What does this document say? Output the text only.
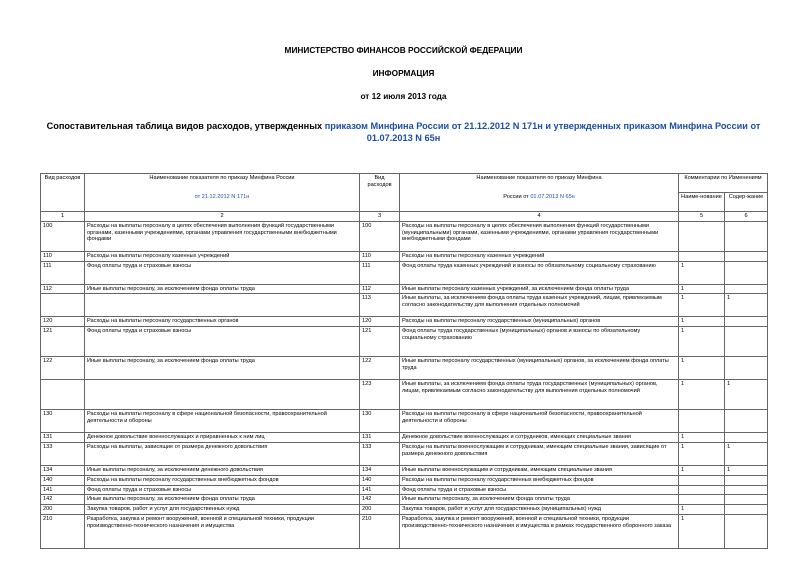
МИНИСТЕРСТВО ФИНАНСОВ РОССИЙСКОЙ ФЕДЕРАЦИИ
ИНФОРМАЦИЯ
от 12 июля 2013 года
Сопоставительная таблица видов расходов, утвержденных приказом Минфина России от 21.12.2012 N 171н и утвержденных приказом Минфина России от 01.07.2013 N 65н
Вид расходов	Наименование показателя по приказу Минфина России
от 21.12.2012 N 171н	Вид расходов	Наименование показателя по приказу Минфина
России от 01.07.2013 N 65н	Комментарии по Изменениям	
				Наиме-нование	Содер-жание
1	2	3	4	5	6
100	Расходы на выплаты персоналу в целях обеспечения выполнения функций государственными органами, казенными учреждениями, органами управления государственными внебюджетными фондами	100	Расходы на выплаты персоналу в целях обеспечения выполнения функций государственными (муниципальными) органами, казенными учреждениями, органами управления государственными внебюджетными фондами		
110	Расходы на выплаты персоналу казенных учреждений	110	Расходы на выплаты персоналу казенных учреждений		
111	Фонд оплаты труда и страховые взносы	111	Фонд оплаты труда казенных учреждений и взносы по обязательному социальному страхованию	1	
112	Иные выплаты персоналу, за исключением фонда оплаты труда	112	Иные выплаты персоналу казенных учреждений, за исключением фонда оплаты труда	1	
		113	Иные выплаты, за исключением фонда оплаты труда казенных учреждений, лицам, привлекаемым согласно законодательству для выполнения отдельных полномочий	1	1
120	Расходы на выплаты персоналу государственных органов	120	Расходы на выплаты персоналу государственных (муниципальных) органов	1	
121	Фонд оплаты труда и страховые взносы	121	Фонд оплаты труда государственных (муниципальных) органов и взносы по обязательному социальному страхованию	1	
122	Иные выплаты персоналу, за исключением фонда оплаты труда	122	Иные выплаты персоналу государственных (муниципальных) органов, за исключением фонда оплаты труда	1	
		123	Иные выплаты, за исключением фонда оплаты труда государственных (муниципальных) органов, лицам, привлекаемым согласно законодательству для выполнения отдельных полномочий	1	1
130	Расходы на выплаты персоналу в сфере национальной безопасности, правоохранительной деятельности и обороны	130	Расходы на выплаты персоналу в сфере национальной безопасности, правоохранительной деятельности и обороны		
131	Денежное довольствие военнослужащих и приравненных к ним лиц	131	Денежное довольствие военнослужащих и сотрудников, имеющих специальные звания	1	
133	Расходы на выплаты, зависящие от размера денежного довольствия	133	Расходы на выплаты военнослужащим и сотрудникам, имеющим специальные звания, зависящие от размера денежного довольствия	1	1
134	Иные выплаты персоналу, за исключением денежного довольствия	134	Иные выплаты военнослужащим и сотрудникам, имеющим специальные звания	1	1
140	Расходы на выплаты персоналу государственных внебюджетных фондов	140	Расходы на выплаты персоналу государственных внебюджетных фондов		
141	Фонд оплаты труда и страховые взносы	141	Фонд оплаты труда и страховые взносы		
142	Иные выплаты персоналу, за исключением фонда оплаты труда	142	Иные выплаты персоналу, за исключением фонда оплаты труда		
200	Закупка товаров, работ и услуг для государственных нужд	200	Закупка товаров, работ и услуг для государственных (муниципальных) нужд	1	
210	Разработка, закупка и ремонт вооружений, военной и специальной техники, продукции производственно-технического назначения и имущества	210	Разработка, закупка и ремонт вооружений, военной и специальной техники, продукции производственно-технического назначения и имущества в рамках государственного оборонного заказа	1	
